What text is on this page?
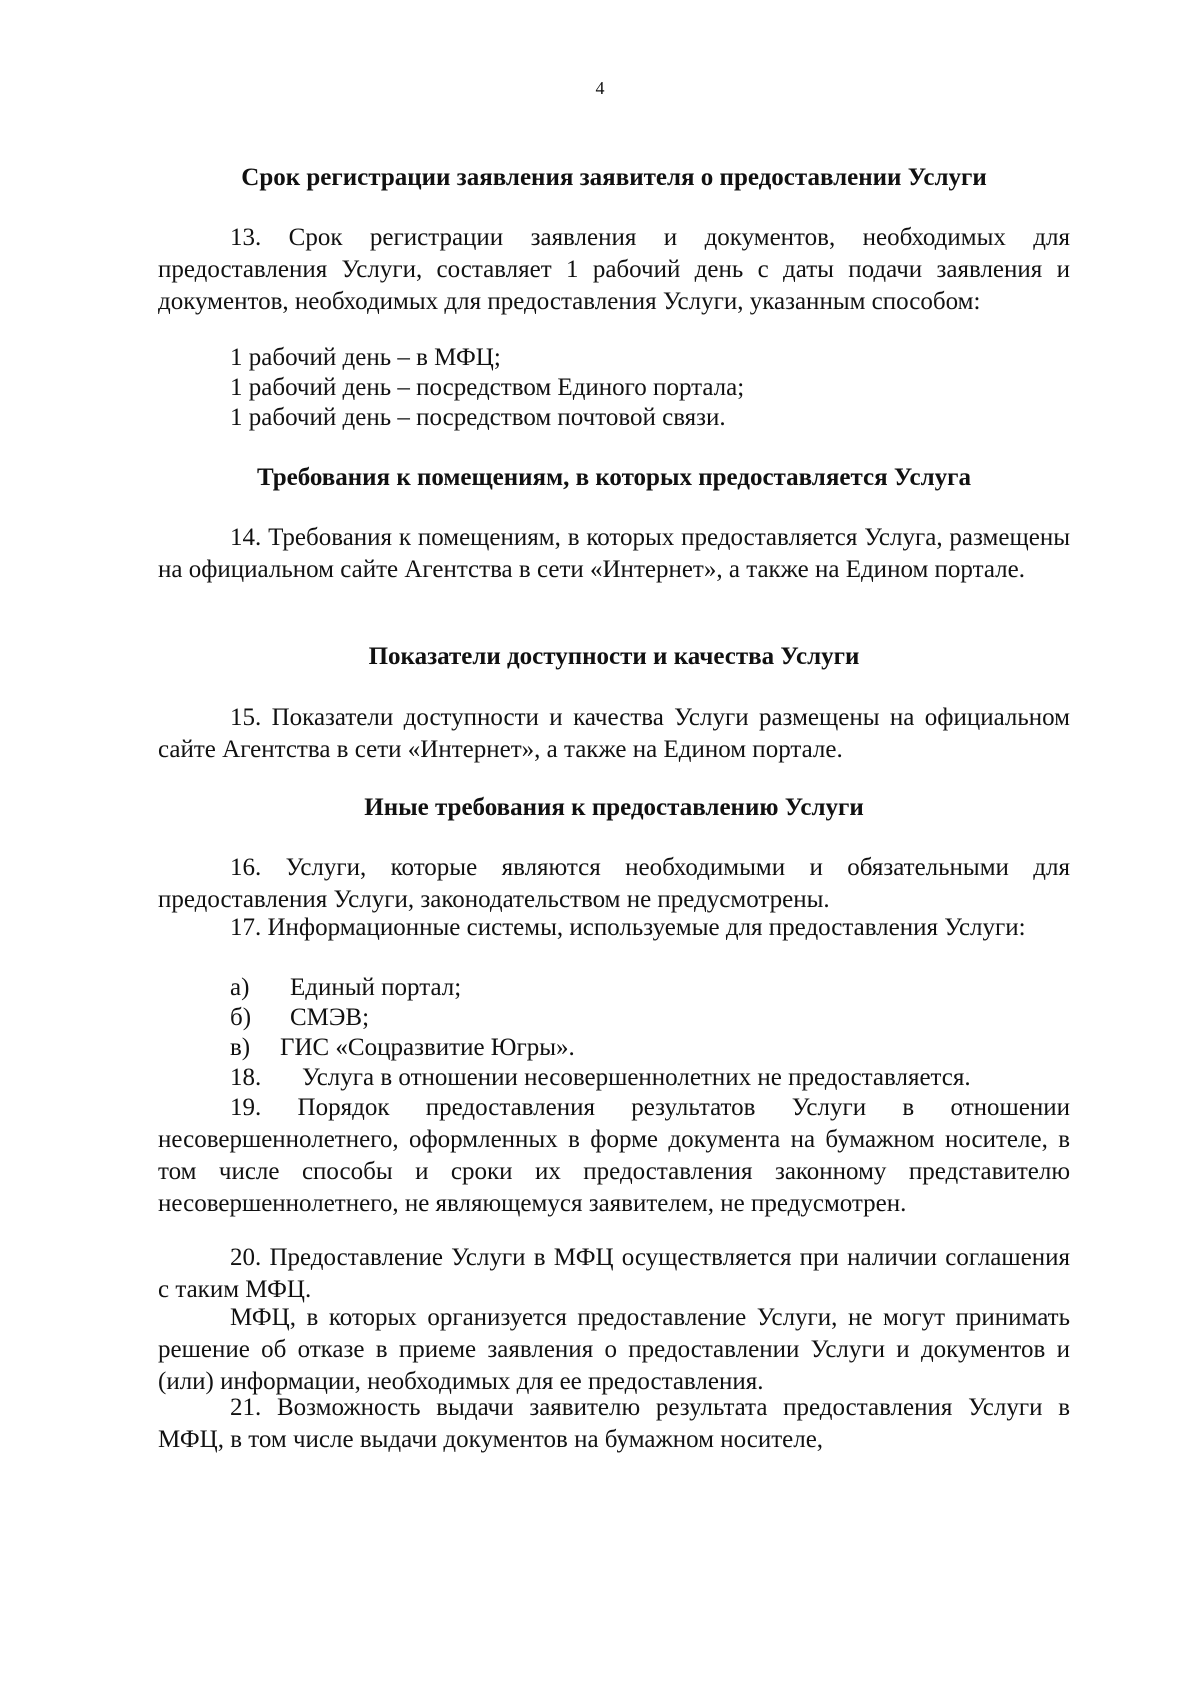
4
Срок регистрации заявления заявителя о предоставлении Услуги
13. Срок регистрации заявления и документов, необходимых для предоставления Услуги, составляет 1 рабочий день с даты подачи заявления и документов, необходимых для предоставления Услуги, указанным способом:
1 рабочий день – в МФЦ;
1 рабочий день – посредством Единого портала;
1 рабочий день – посредством почтовой связи.
Требования к помещениям, в которых предоставляется Услуга
14. Требования к помещениям, в которых предоставляется Услуга, размещены на официальном сайте Агентства в сети «Интернет», а также на Едином портале.
Показатели доступности и качества Услуги
15. Показатели доступности и качества Услуги размещены на официальном сайте Агентства в сети «Интернет», а также на Едином портале.
Иные требования к предоставлению Услуги
16. Услуги, которые являются необходимыми и обязательными для предоставления Услуги, законодательством не предусмотрены.
17. Информационные системы, используемые для предоставления Услуги:
а) Единый портал;
б) СМЭВ;
в) ГИС «Соцразвитие Югры».
18. Услуга в отношении несовершеннолетних не предоставляется.
19. Порядок предоставления результатов Услуги в отношении несовершеннолетнего, оформленных в форме документа на бумажном носителе, в том числе способы и сроки их предоставления законному представителю несовершеннолетнего, не являющемуся заявителем, не предусмотрен.
20. Предоставление Услуги в МФЦ осуществляется при наличии соглашения с таким МФЦ.
МФЦ, в которых организуется предоставление Услуги, не могут принимать решение об отказе в приеме заявления о предоставлении Услуги и документов и (или) информации, необходимых для ее предоставления.
21. Возможность выдачи заявителю результата предоставления Услуги в МФЦ, в том числе выдачи документов на бумажном носителе,
